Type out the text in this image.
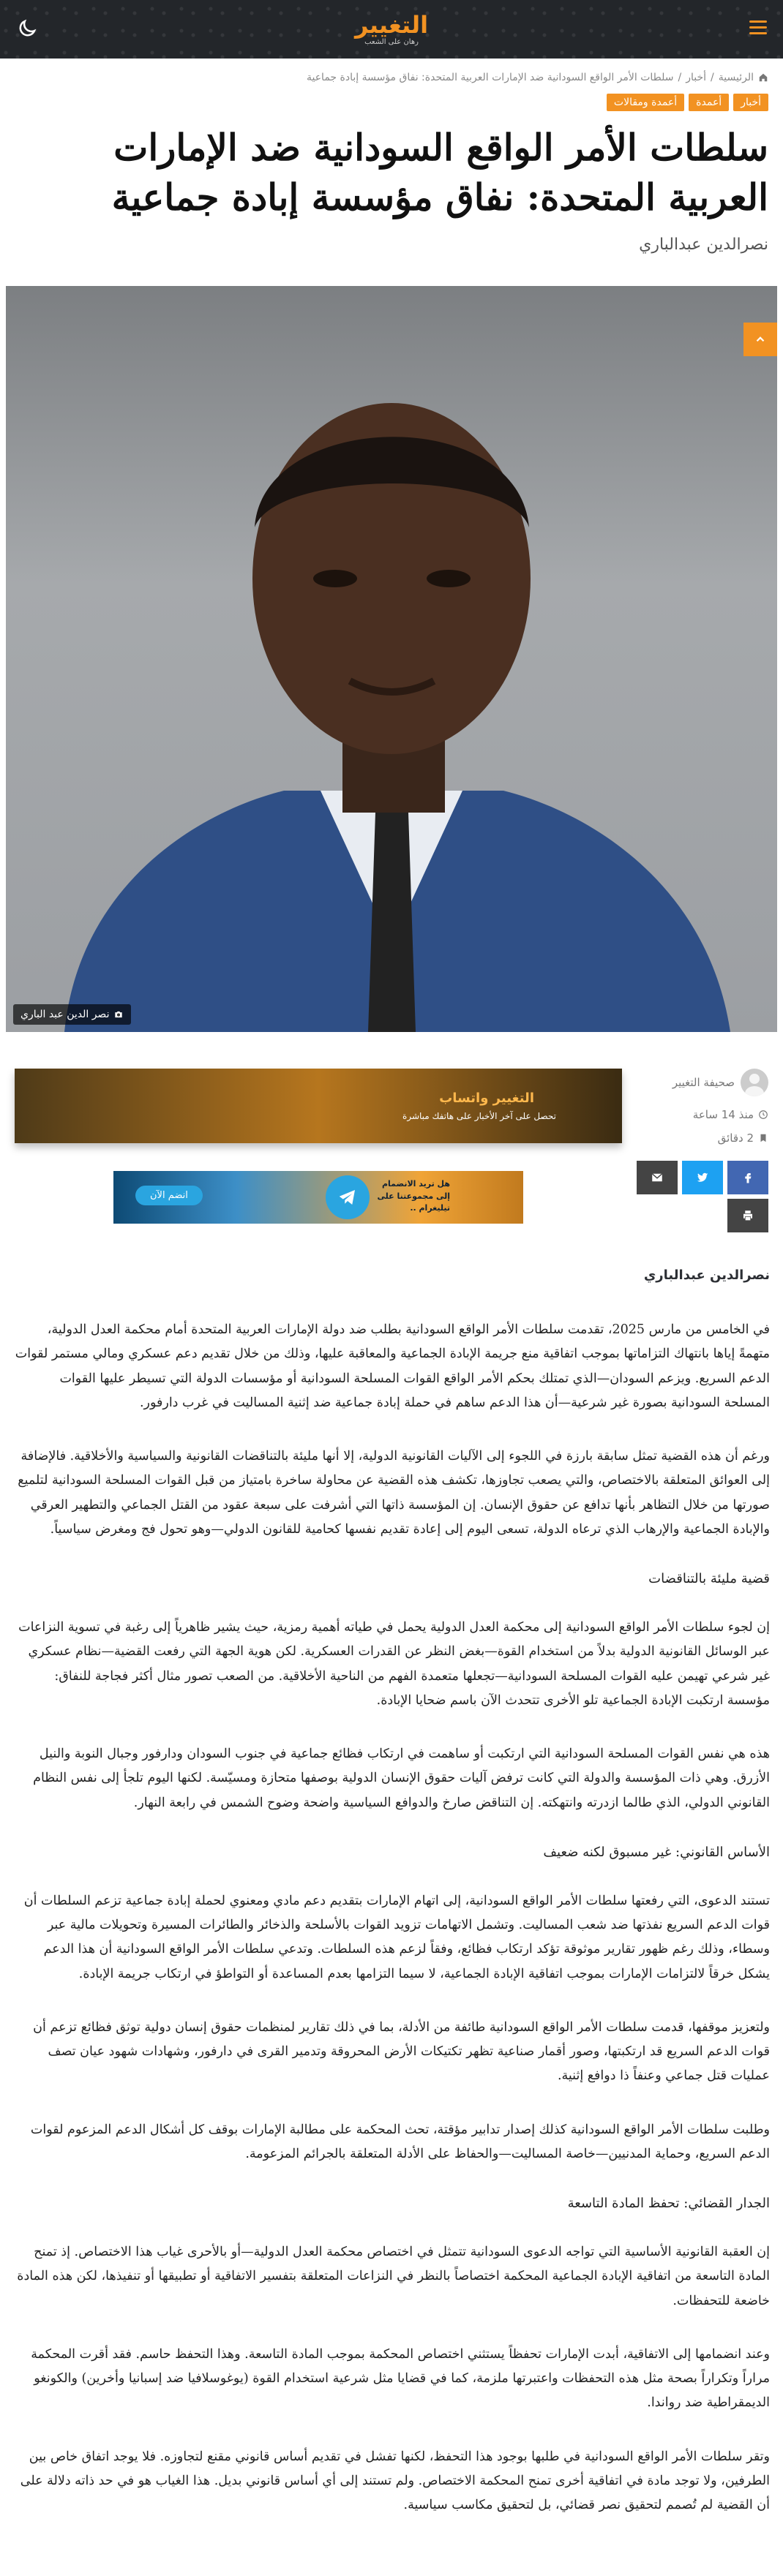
التغيير
رهان على الشعب
الرئيسية
/
أخبار
/
سلطات الأمر الواقع السودانية ضد الإمارات العربية المتحدة: نفاق مؤسسة إبادة جماعية
أخبار
أعمدة
أعمدة ومقالات
سلطات الأمر الواقع السودانية ضد الإمارات العربية المتحدة: نفاق مؤسسة إبادة جماعية
نصرالدين عبدالباري
نصر الدين عبد الباري
صحيفة التغيير
منذ 14 ساعة
2 دقائق
التغيير واتساب
تحصل على آخر الأخبار على هاتفك مباشرة
هل تريد الانضمام إلى مجموعتنا على تيليغرام ..
انضم الآن
نصرالدين عبدالباري

في الخامس من مارس 2025، تقدمت سلطات الأمر الواقع السودانية بطلب ضد دولة الإمارات العربية المتحدة أمام محكمة العدل الدولية، متهمةً إياها بانتهاك التزاماتها بموجب اتفاقية منع جريمة الإبادة الجماعية والمعاقبة عليها، وذلك من خلال تقديم دعم عسكري ومالي مستمر لقوات الدعم السريع. ويزعم السودان—الذي تمتلك بحكم الأمر الواقع القوات المسلحة السودانية أو مؤسسات الدولة التي تسيطر عليها القوات المسلحة السودانية بصورة غير شرعية—أن هذا الدعم ساهم في حملة إبادة جماعية ضد إثنية المساليت في غرب دارفور.

ورغم أن هذه القضية تمثل سابقة بارزة في اللجوء إلى الآليات القانونية الدولية، إلا أنها مليئة بالتناقضات القانونية والسياسية والأخلاقية. فالإضافة إلى العوائق المتعلقة بالاختصاص، والتي يصعب تجاوزها، تكشف هذه القضية عن محاولة ساخرة بامتياز من قبل القوات المسلحة السودانية لتلميع صورتها من خلال التظاهر بأنها تدافع عن حقوق الإنسان. إن المؤسسة ذاتها التي أشرفت على سبعة عقود من القتل الجماعي والتطهير العرقي والإبادة الجماعية والإرهاب الذي ترعاه الدولة، تسعى اليوم إلى إعادة تقديم نفسها كحامية للقانون الدولي—وهو تحول فج ومغرض سياسياً.

قضية مليئة بالتناقضات

إن لجوء سلطات الأمر الواقع السودانية إلى محكمة العدل الدولية يحمل في طياته أهمية رمزية، حيث يشير ظاهرياً إلى رغبة في تسوية النزاعات عبر الوسائل القانونية الدولية بدلاً من استخدام القوة—بغض النظر عن القدرات العسكرية. لكن هوية الجهة التي رفعت القضية—نظام عسكري غير شرعي تهيمن عليه القوات المسلحة السودانية—تجعلها متعمدة الفهم من الناحية الأخلاقية. من الصعب تصور مثال أكثر فجاجة للنفاق: مؤسسة ارتكبت الإبادة الجماعية تلو الأخرى تتحدث الآن باسم ضحايا الإبادة.

هذه هي نفس القوات المسلحة السودانية التي ارتكبت أو ساهمت في ارتكاب فظائع جماعية في جنوب السودان ودارفور وجبال النوبة والنيل الأزرق. وهي ذات المؤسسة والدولة التي كانت ترفض آليات حقوق الإنسان الدولية بوصفها متحازة ومسيّسة. لكنها اليوم تلجأ إلى نفس النظام القانوني الدولي، الذي طالما ازدرته وانتهكته. إن التناقض صارخ والدوافع السياسية واضحة وضوح الشمس في رابعة النهار.

الأساس القانوني: غير مسبوق لكنه ضعيف

تستند الدعوى، التي رفعتها سلطات الأمر الواقع السودانية، إلى اتهام الإمارات بتقديم دعم مادي ومعنوي لحملة إبادة جماعية تزعم السلطات أن قوات الدعم السريع نفذتها ضد شعب المساليت. وتشمل الاتهامات تزويد القوات بالأسلحة والذخائر والطائرات المسيرة وتحويلات مالية عبر وسطاء، وذلك رغم ظهور تقارير موثوقة تؤكد ارتكاب فظائع، وفقاً لزعم هذه السلطات. وتدعي سلطات الأمر الواقع السودانية أن هذا الدعم يشكل خرقاً لالتزامات الإمارات بموجب اتفاقية الإبادة الجماعية، لا سيما التزامها بعدم المساعدة أو التواطؤ في ارتكاب جريمة الإبادة.

ولتعزيز موقفها، قدمت سلطات الأمر الواقع السودانية طائفة من الأدلة، بما في ذلك تقارير لمنظمات حقوق إنسان دولية توثق فظائع تزعم أن قوات الدعم السريع قد ارتكبتها، وصور أقمار صناعية تظهر تكتيكات الأرض المحروقة وتدمير القرى في دارفور، وشهادات شهود عيان تصف عمليات قتل جماعي وعنفاً ذا دوافع إثنية.

وطلبت سلطات الأمر الواقع السودانية كذلك إصدار تدابير مؤقتة، تحث المحكمة على مطالبة الإمارات بوقف كل أشكال الدعم المزعوم لقوات الدعم السريع، وحماية المدنيين—خاصة المساليت—والحفاظ على الأدلة المتعلقة بالجرائم المزعومة.

الجدار القضائي: تحفظ المادة التاسعة

إن العقبة القانونية الأساسية التي تواجه الدعوى السودانية تتمثل في اختصاص محكمة العدل الدولية—أو بالأحرى غياب هذا الاختصاص. إذ تمنح المادة التاسعة من اتفاقية الإبادة الجماعية المحكمة اختصاصاً بالنظر في النزاعات المتعلقة بتفسير الاتفاقية أو تطبيقها أو تنفيذها، لكن هذه المادة خاضعة للتحفظات.

وعند انضمامها إلى الاتفاقية، أبدت الإمارات تحفظاً يستثني اختصاص المحكمة بموجب المادة التاسعة. وهذا التحفظ حاسم. فقد أقرت المحكمة مراراً وتكراراً بصحة مثل هذه التحفظات واعتبرتها ملزمة، كما في قضايا مثل شرعية استخدام القوة (يوغوسلافيا ضد إسبانيا وأخرين) والكونغو الديمقراطية ضد رواندا.

وتقر سلطات الأمر الواقع السودانية في طلبها بوجود هذا التحفظ، لكنها تفشل في تقديم أساس قانوني مقنع لتجاوزه. فلا يوجد اتفاق خاص بين الطرفين، ولا توجد مادة في اتفاقية أخرى تمنح المحكمة الاختصاص. ولم تستند إلى أي أساس قانوني بديل. هذا الغياب هو في حد ذاته دلالة على أن القضية لم تُصمم لتحقيق نصر قضائي، بل لتحقيق مكاسب سياسية.
